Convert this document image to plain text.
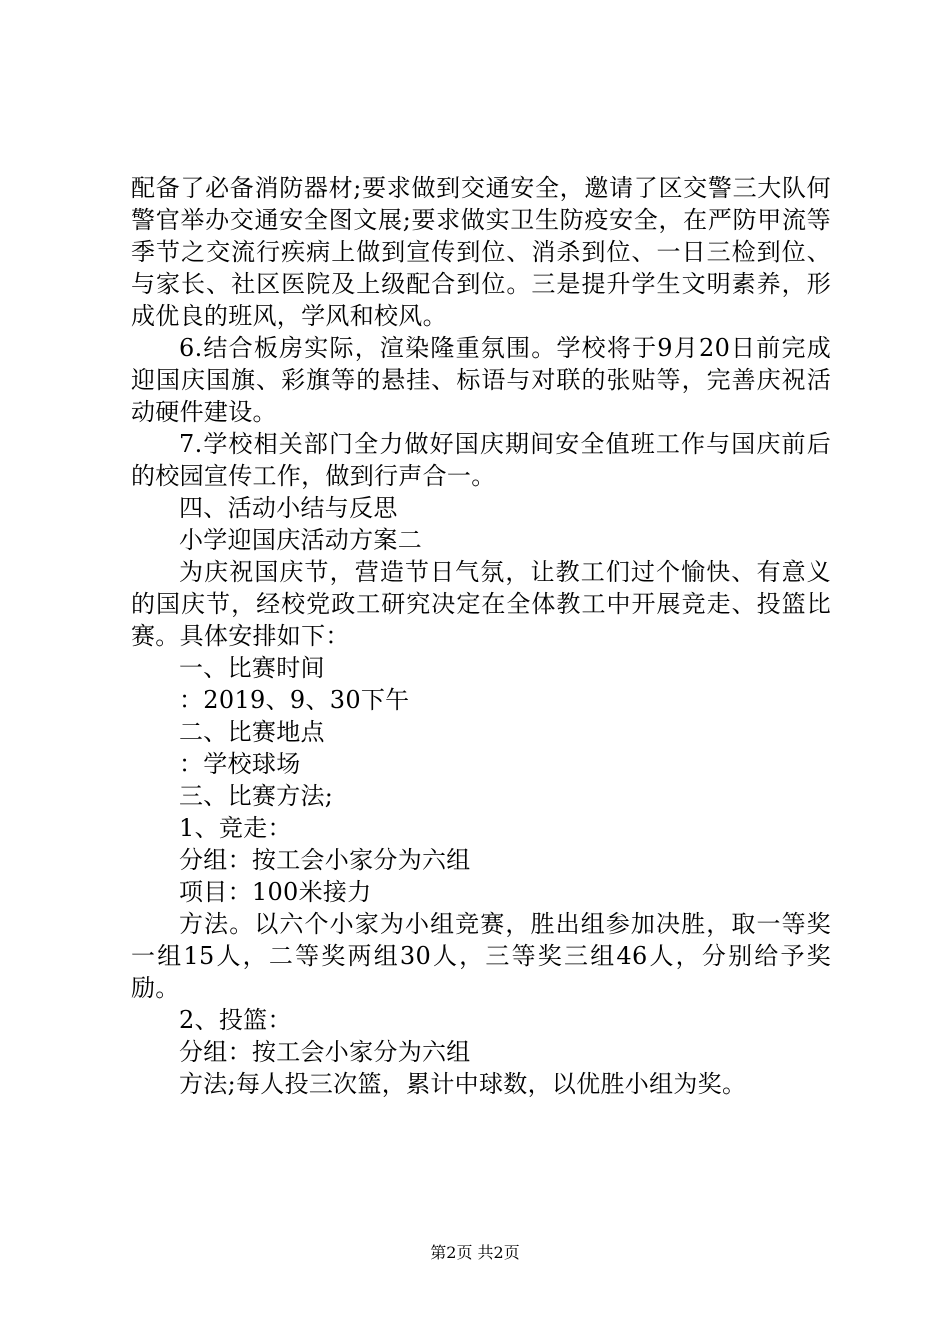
配备了必备消防器材;要求做到交通安全，邀请了区交警三大队何警官举办交通安全图文展;要求做实卫生防疫安全，在严防甲流等季节之交流行疾病上做到宣传到位、消杀到位、一日三检到位、与家长、社区医院及上级配合到位。三是提升学生文明素养，形成优良的班风，学风和校风。

6.结合板房实际，渲染隆重氛围。学校将于9月20日前完成迎国庆国旗、彩旗等的悬挂、标语与对联的张贴等，完善庆祝活动硬件建设。

7.学校相关部门全力做好国庆期间安全值班工作与国庆前后的校园宣传工作，做到行声合一。

四、活动小结与反思

小学迎国庆活动方案二

为庆祝国庆节，营造节日气氛，让教工们过个愉快、有意义的国庆节，经校党政工研究决定在全体教工中开展竞走、投篮比赛。具体安排如下：

一、比赛时间

：2019、9、30下午

二、比赛地点

：学校球场

三、比赛方法;

1、竞走：

分组：按工会小家分为六组

项目：100米接力

方法。以六个小家为小组竞赛，胜出组参加决胜，取一等奖一组15人，二等奖两组30人，三等奖三组46人，分别给予奖励。

2、投篮：

分组：按工会小家分为六组

方法;每人投三次篮，累计中球数，以优胜小组为奖。

第2页 共2页
